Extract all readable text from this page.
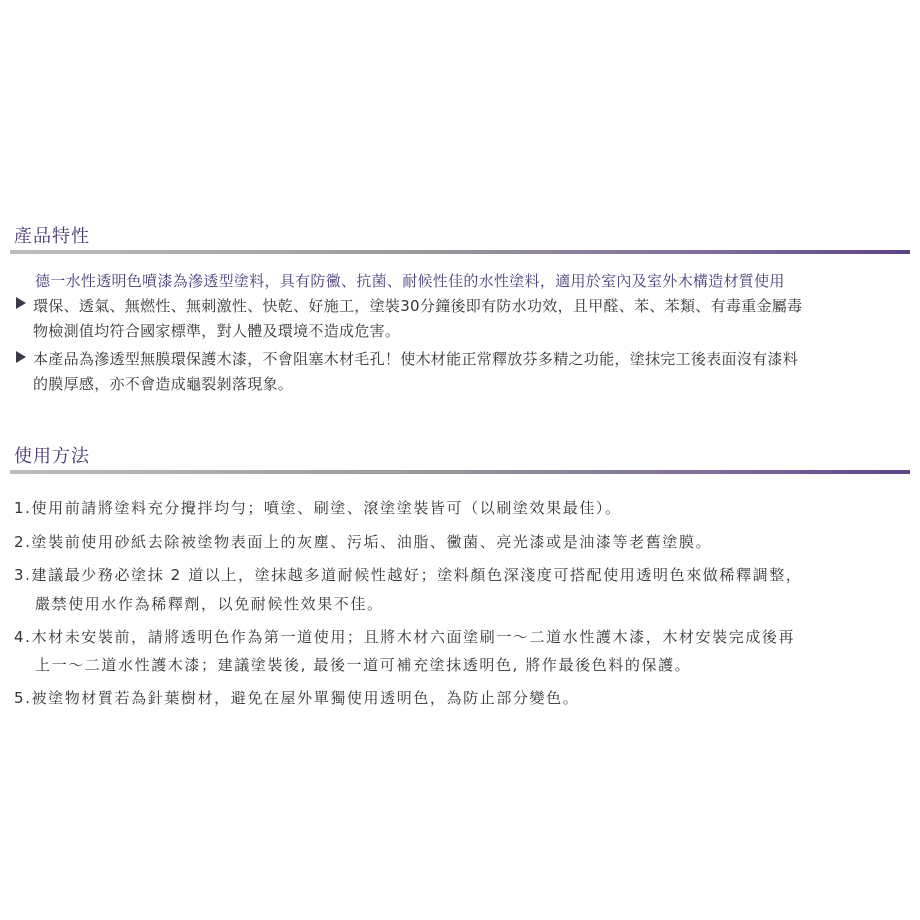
產品特性
德一水性透明色噴漆為滲透型塗料，具有防黴、抗菌、耐候性佳的水性塗料，適用於室內及室外木構造材質使用
環保、透氣、無燃性、無刺激性、快乾、好施工，塗裝30分鐘後即有防水功效，且甲醛、苯、苯類、有毒重金屬毒
物檢測值均符合國家標準，對人體及環境不造成危害。
本產品為滲透型無膜環保護木漆，不會阻塞木材毛孔！使木材能正常釋放芬多精之功能，塗抹完工後表面沒有漆料
的膜厚感，亦不會造成龜裂剝落現象。
使用方法
1.使用前請將塗料充分攪拌均勻；噴塗、刷塗、滾塗塗裝皆可（以刷塗效果最佳）。
2.塗裝前使用砂紙去除被塗物表面上的灰塵、污垢、油脂、黴菌、亮光漆或是油漆等老舊塗膜。
3.建議最少務必塗抹 2 道以上，塗抹越多道耐候性越好；塗料顏色深淺度可搭配使用透明色來做稀釋調整，
嚴禁使用水作為稀釋劑，以免耐候性效果不佳。
4.木材未安裝前，請將透明色作為第一道使用；且將木材六面塗刷一～二道水性護木漆，木材安裝完成後再
上一～二道水性護木漆；建議塗裝後, 最後一道可補充塗抹透明色, 將作最後色料的保護。
5.被塗物材質若為針葉樹材，避免在屋外單獨使用透明色，為防止部分變色。
